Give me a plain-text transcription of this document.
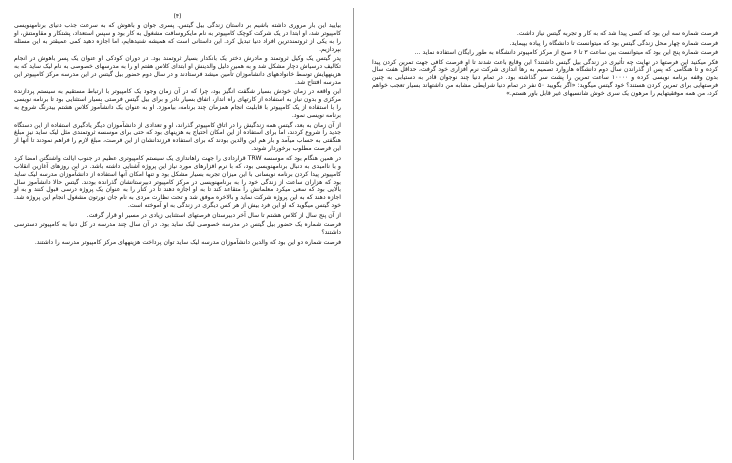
فرصت شماره سه این بود که کسی پیدا شد که به کار و تجربه گیتس نیاز داشت.

فرصت شماره چهار محل زندگی گیتس بود که میتوانست تا دانشگاه را پیاده بپیماید.

فرصت شماره پنج این بود که میتوانست بین ساعت ۳ تا ۶ صبح از مرکز کامپیوتر دانشگاه به طور رایگان استفاده نماید ...

فکر میکنید این فرصتها در نهایت چه تأثیری در زندگی بیل گیتس داشتند؟ این وقایع باعث شدند تا او فرصت کافی جهت تمرین کردن پیدا کرده و تا هنگامی که پس از گذراندن سال دوم دانشگاه هاروارد تصمیم به رها اندازی شرکت نرم افزاری خود گرفت، حداقل هفت سال بدون وقفه برنامه نویسی کرده و ۱۰۰۰۰ ساعت تمرین را پشت سر گذاشته بود. در تمام دنیا چند نوجوان قادر به دستیابی به چنین فرصتهایی برای تمرین کردن هستند؟ خود گیتس میگوید: «اگر بگویید ۵۰ نفر در تمام دنیا شرایطی مشابه من داشتهاند بسیار تعجب خواهم کرد، من همه موفقیتهایم را مرهون یک سری خوش شانسیهای غیر قابل باور هستم.»

(۴)

بیایید این بار مروری داشته باشیم بر داستان زندگی بیل گیتس. پسری جوان و باهوش که به سرعت جذب دنیای برنامهنویسی کامپیوتر شد، او ابتدا در یک شرکت کوچک کامپیوتر به نام مایکروسافت مشغول به کار بود و سپس استعداد، پشتکار و مقاومتش، او را به یکی از ثروتمندترین افراد دنیا تبدیل کرد. این داستانی است که همیشه شنیدهایم، اما اجازه دهید کمی عمیقتر به این مسئله بپردازیم.

پدر گیتس یک وکیل ثروتمند و مادرش دختر یک بانکدار بسیار ثروتمند بود. در دوران کودکی او عنوان یک پسر باهوش در انجام تکالیف درسیاش دچار مشکل شد و به همین دلیل والدینش او ابتدای کلاس هفتم او را به مدرسهای خصوصی به نام لیک ساید که به هزینههایش توسط خانوادههای دانشآموزان تأمین میشد فرستادند و در سال دوم حضور بیل گیتس در این مدرسه مرکز کامپیوتر این مدرسه افتتاح شد.

این واقعه در زمان خودش بسیار شگفت انگیز بود، چرا که در آن زمان وجود یک کامپیوتر با ارتباط مستقیم به سیستم پردازنده مرکزی و بدون نیاز به استفاده از کارتهای راه انداز، اتفاق بسیار نادر و برای بیل گیتس فرصتی بسیار استثنایی بود تا برنامه نویسی را با استفاده از یک کامپیوتر با قابلیت انجام همزمان چند برنامه، بیاموزد. او به عنوان یک دانشآموز کلاس هشتم بیدرنگ شروع به برنامه نویسی نمود.

از آن زمان به بعد، گیتس همه زندگیش را در اتاق کامپیوتر گذراند، او و تعدادی از دانشآموزان دیگر یادگیری استفاده از این دستگاه جدید را شروع کردند، اما برای استفاده از این امکان احتیاج به هزینهای بود که حتی برای موسسه ثروتمندی مثل لیک ساید نیز مبلغ هنگفتی به حساب میآمد و بار هم این والدین بودند که برای استفاده فرزندانشان از این فرصت، مبلغ لازم را فراهم نمودند تا آنها از این فرصت مطلوب برخوردار شوند.

در همین هنگام بود که موسسه TRW قراردادی را جهت راهاندازی یک سیستم کامپیوتری عظیم در جنوب ایالت واشنگتن امضا کرد و با ناامیدی به دنبال برنامهنویسی بود، که با نرم افزارهای مورد نیاز این پروژه آشنایی داشته باشد. در این روزهای آغازین انقلاب کامپیوتر پیدا کردن برنامه نویسانی با این میزان تجربه بسیار مشکل بود و تنها امکان آنها استفاده از دانشآموزان مدرسه لیک ساید بود که هزاران ساعت از زندگی خود را به برنامهنویسی در مرکز کامپیوتر دبیرستانشان گذرانده بودند. گیتس حالا دانشآموز سال بالایی بود که سعی میکرد معلمانش را متقاعد کند تا به او اجازه دهند تا در کنار را به عنوان یک پروژه درسی قبول کنند و به او اجازه دهند که به این پروژه شرکت نماید و بالاخره موفق شد و تحت نظارت مردی به نام جان نورتون مشغول انجام این پروژه شد. خود گیتس میگوید که او این فرد بیش از هر کس دیگری در زندگی به او آموخته است.

از آن پنج سال از کلاس هشتم تا سال آخر دبیرستان فرصتهای استثنایی زیادی در مسیر او قرار گرفت.

فرصت شماره یک حضور بیل گیتس در مدرسه خصوصی لیک ساید بود. در آن سال چند مدرسه در کل دنیا به کامپیوتر دسترسی داشتند؟

فرصت شماره دو این بود که والدین دانشآموزان مدرسه لیک ساید توان پرداخت هزینههای مرکز کامپیوتر مدرسه را داشتند.
